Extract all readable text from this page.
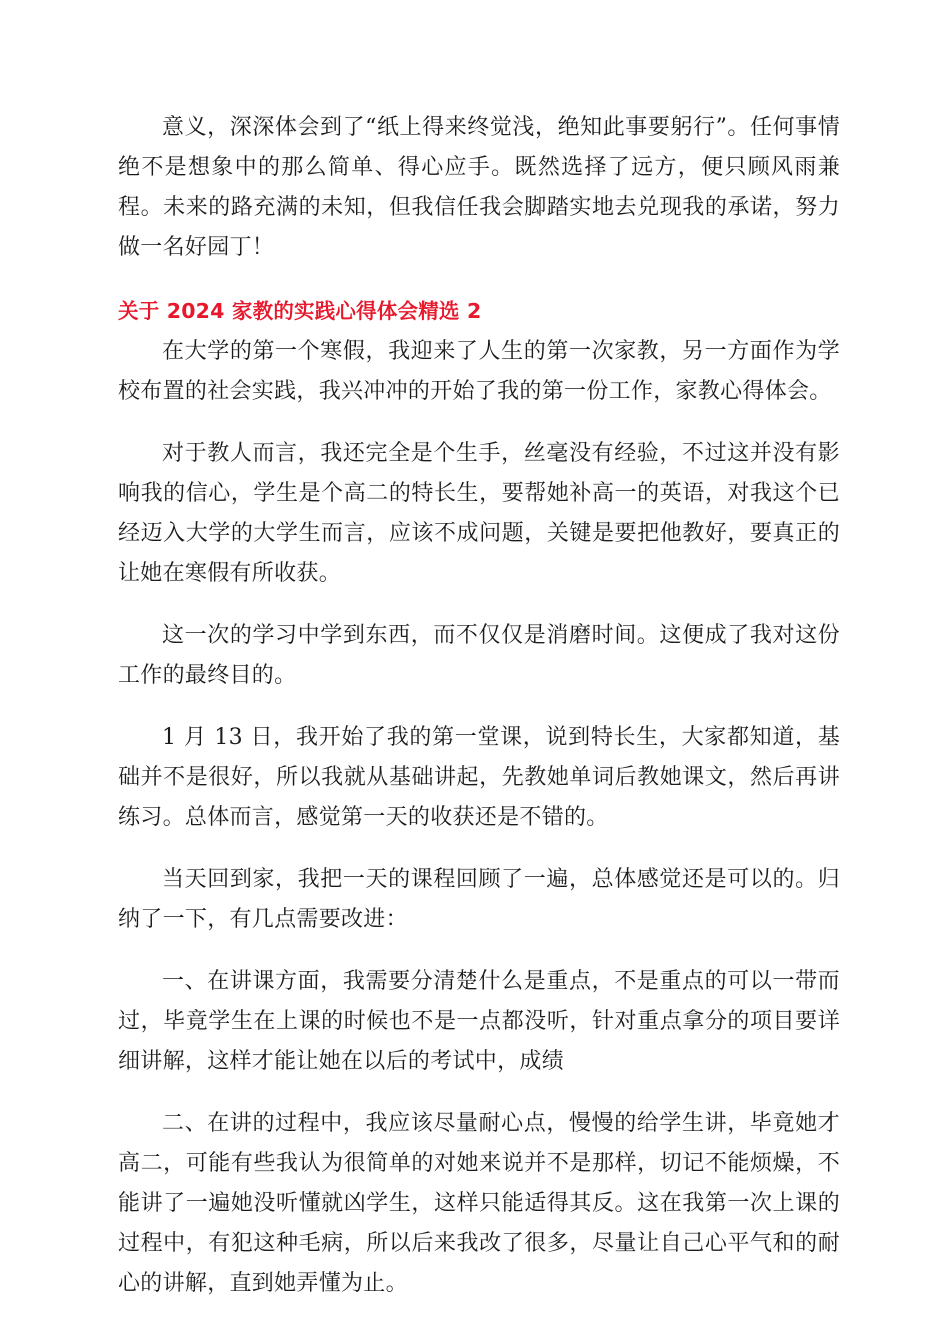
意义，深深体会到了“纸上得来终觉浅，绝知此事要躬行”。任何事情绝不是想象中的那么简单、得心应手。既然选择了远方，便只顾风雨兼程。未来的路充满的未知，但我信任我会脚踏实地去兑现我的承诺，努力做一名好园丁！

关于 2024 家教的实践心得体会精选 2

在大学的第一个寒假，我迎来了人生的第一次家教，另一方面作为学校布置的社会实践，我兴冲冲的开始了我的第一份工作，家教心得体会。

对于教人而言，我还完全是个生手，丝毫没有经验，不过这并没有影响我的信心，学生是个高二的特长生，要帮她补高一的英语，对我这个已经迈入大学的大学生而言，应该不成问题，关键是要把他教好，要真正的让她在寒假有所收获。

这一次的学习中学到东西，而不仅仅是消磨时间。这便成了我对这份工作的最终目的。

1 月 13 日，我开始了我的第一堂课，说到特长生，大家都知道，基础并不是很好，所以我就从基础讲起，先教她单词后教她课文，然后再讲练习。总体而言，感觉第一天的收获还是不错的。

当天回到家，我把一天的课程回顾了一遍，总体感觉还是可以的。归纳了一下，有几点需要改进：

一、在讲课方面，我需要分清楚什么是重点，不是重点的可以一带而过，毕竟学生在上课的时候也不是一点都没听，针对重点拿分的项目要详细讲解，这样才能让她在以后的考试中，成绩

二、在讲的过程中，我应该尽量耐心点，慢慢的给学生讲，毕竟她才高二，可能有些我认为很简单的对她来说并不是那样，切记不能烦燥，不能讲了一遍她没听懂就凶学生，这样只能适得其反。这在我第一次上课的过程中，有犯这种毛病，所以后来我改了很多，尽量让自己心平气和的耐心的讲解，直到她弄懂为止。
